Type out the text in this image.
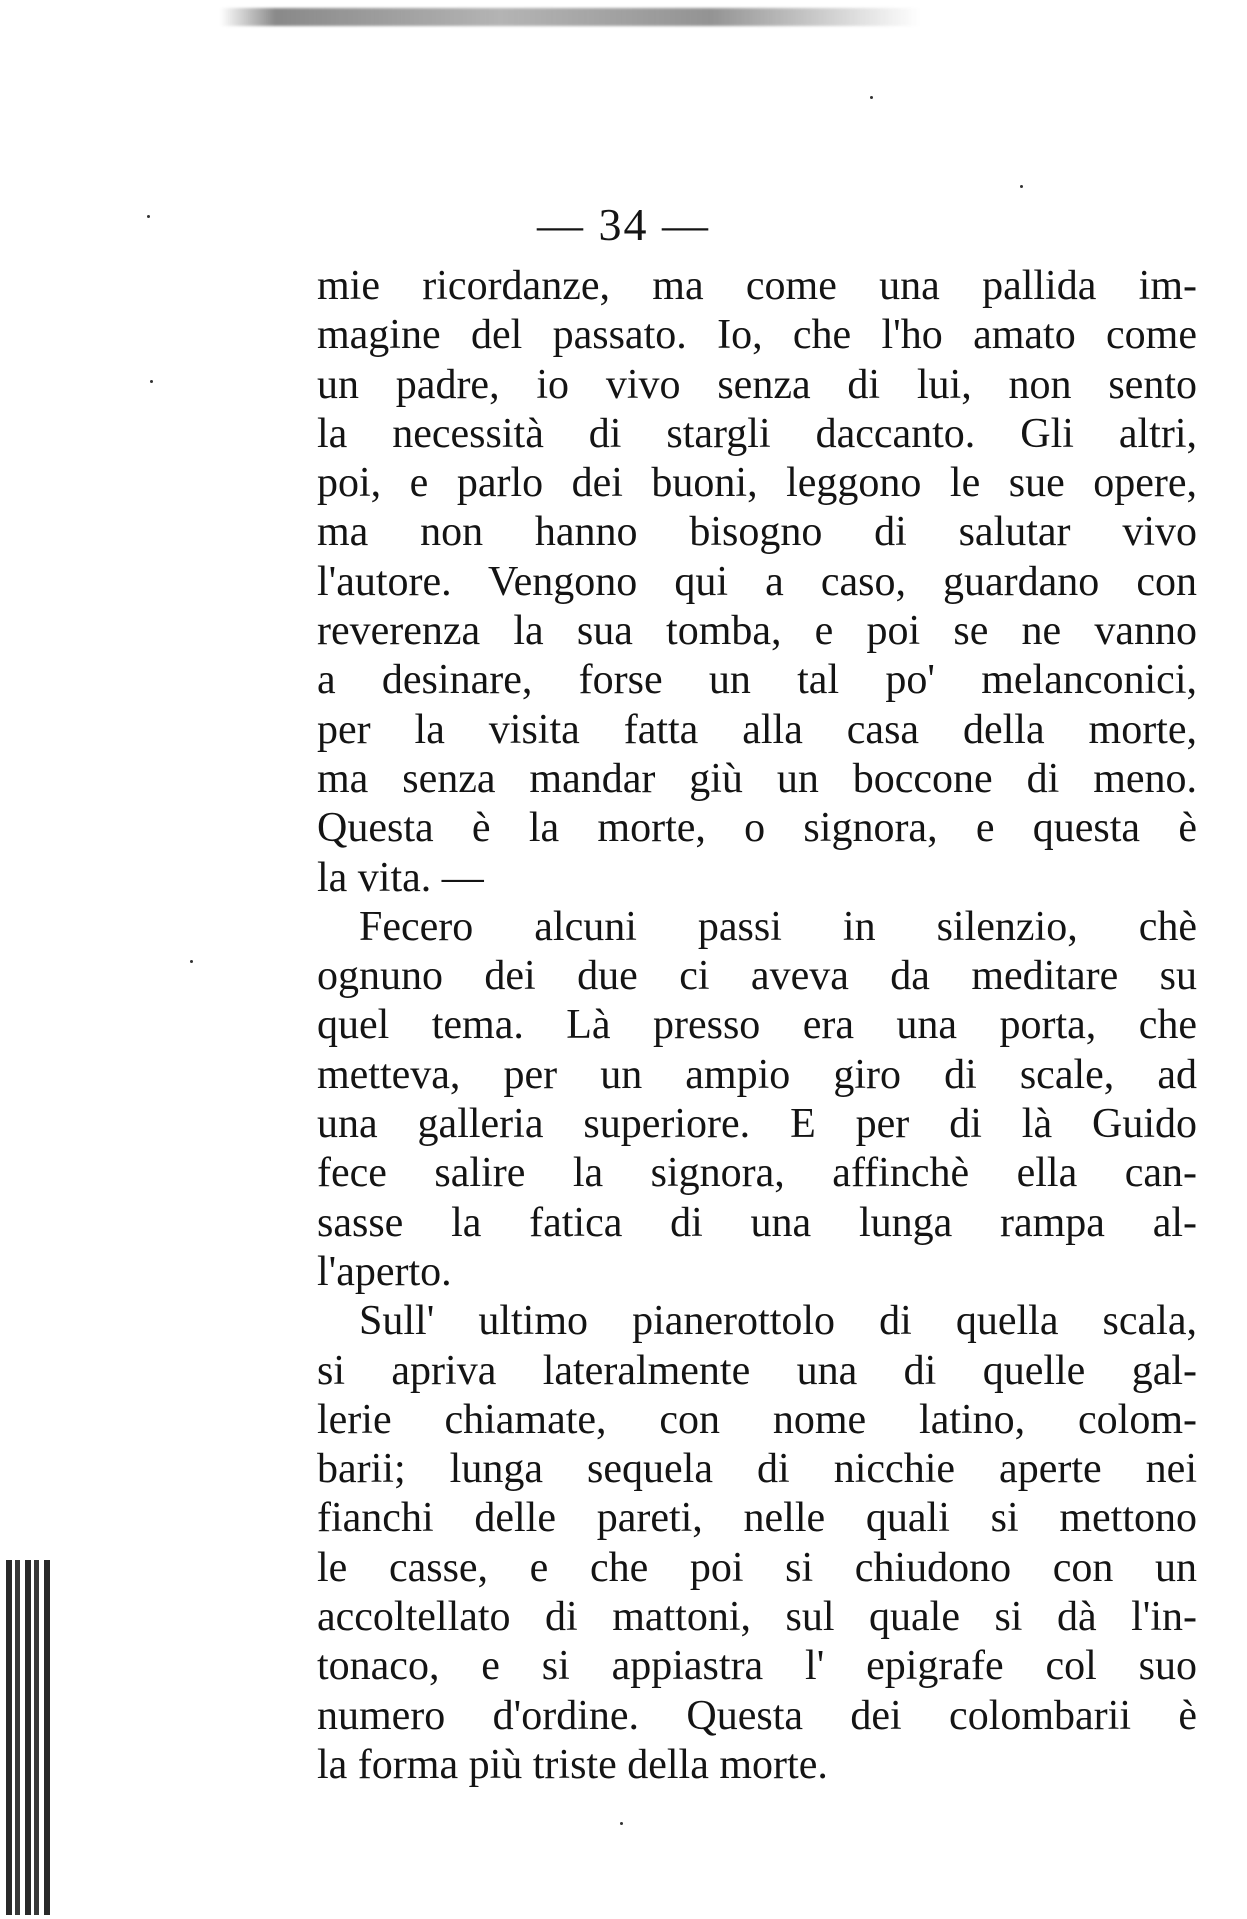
— 34 —
mie ricordanze, ma come una pallida im-
magine del passato. Io, che l'ho amato come
un padre, io vivo senza di lui, non sento
la necessità di stargli daccanto. Gli altri,
poi, e parlo dei buoni, leggono le sue opere,
ma non hanno bisogno di salutar vivo
l'autore. Vengono qui a caso, guardano con
reverenza la sua tomba, e poi se ne vanno
a desinare, forse un tal po' melanconici,
per la visita fatta alla casa della morte,
ma senza mandar giù un boccone di meno.
Questa è la morte, o signora, e questa è
la vita. —
Fecero alcuni passi in silenzio, chè
ognuno dei due ci aveva da meditare su
quel tema. Là presso era una porta, che
metteva, per un ampio giro di scale, ad
una galleria superiore. E per di là Guido
fece salire la signora, affinchè ella can-
sasse la fatica di una lunga rampa al-
l'aperto.
Sull' ultimo pianerottolo di quella scala,
si apriva lateralmente una di quelle gal-
lerie chiamate, con nome latino, colom-
barii; lunga sequela di nicchie aperte nei
fianchi delle pareti, nelle quali si mettono
le casse, e che poi si chiudono con un
accoltellato di mattoni, sul quale si dà l'in-
tonaco, e si appiastra l' epigrafe col suo
numero d'ordine. Questa dei colombarii è
la forma più triste della morte.
